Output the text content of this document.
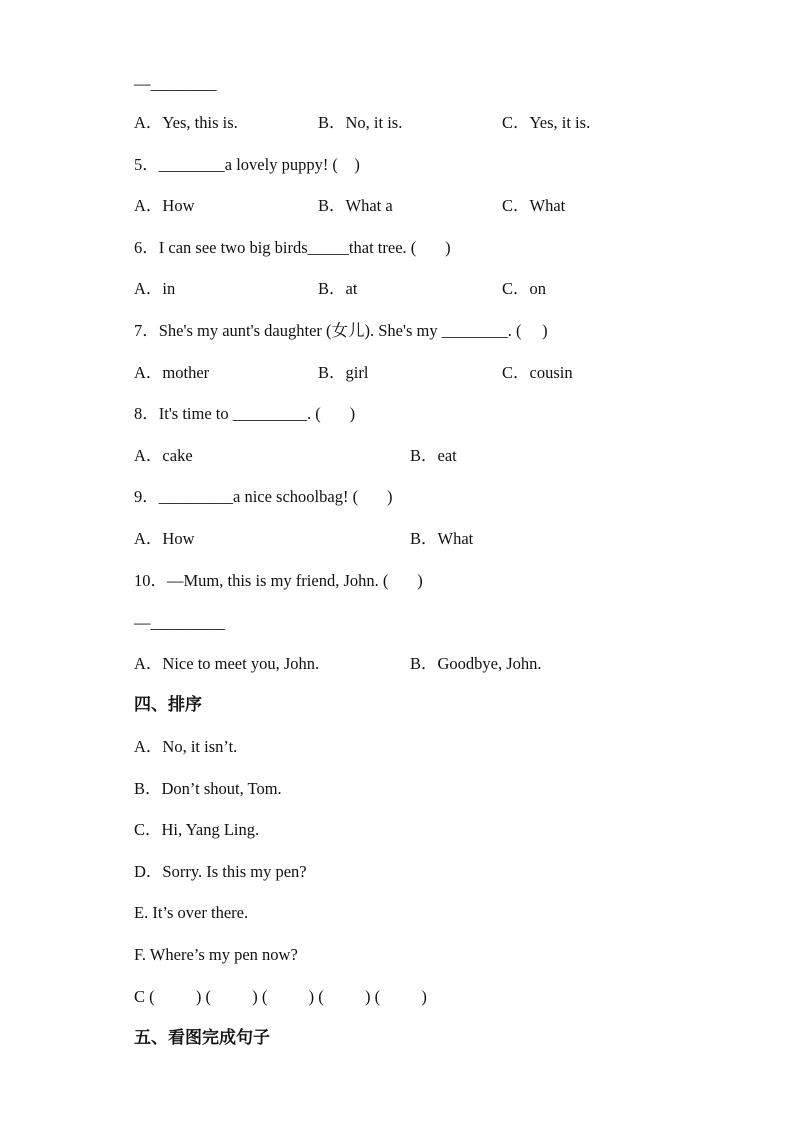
—________

A．Yes, this is.

	B．No, it is.

	C．Yes, it is.

5．________a lovely puppy! (    )

A．How

	B．What a

	C．What

6．I can see two big birds_____that tree. (       )

A．in

	B．at

	C．on

7．She's my aunt's daughter (女儿). She's my ________. (     )

A．mother

	B．girl

	C．cousin

8．It's time to _________. (       )

A．cake

	B．eat

9．_________a nice schoolbag! (       )

A．How

	B．What

10．—Mum, this is my friend, John. (       )
—_________

A．Nice to meet you, John.

	B．Goodbye, John.

四、排序
A．No, it isn’t.
B．Don’t shout, Tom.
C．Hi, Yang Ling.
D．Sorry. Is this my pen?
E. It’s over there.
F. Where’s my pen now?
C (          ) (          ) (          ) (          ) (          )
五、看图完成句子
